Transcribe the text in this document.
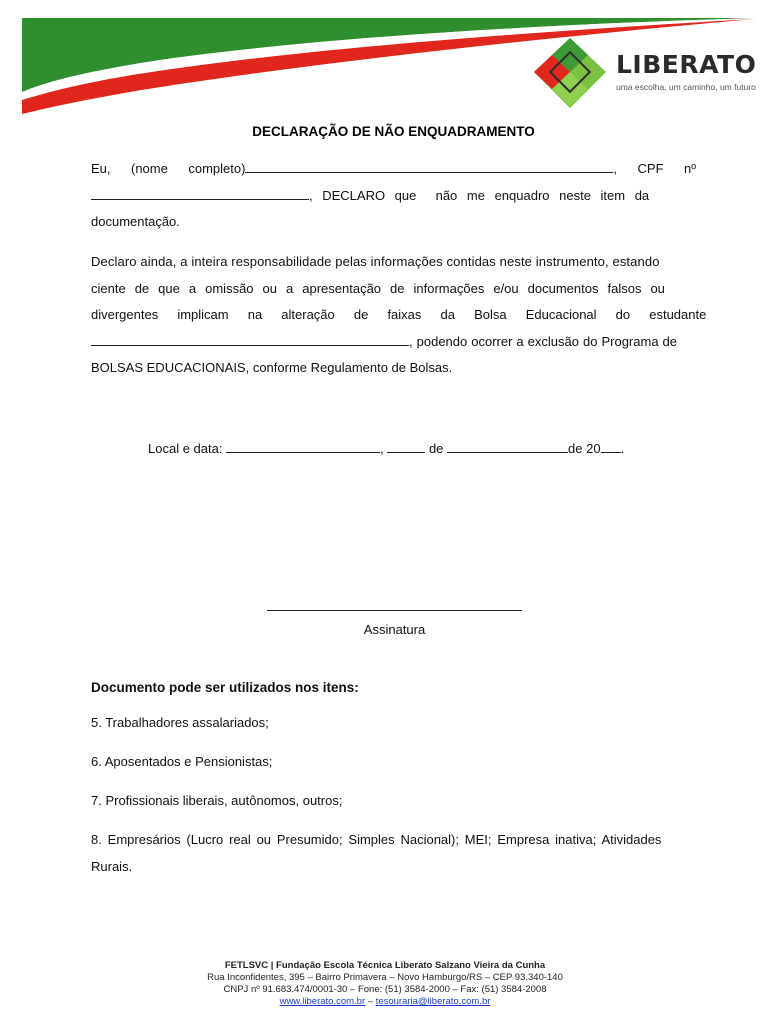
LIBERATO
uma escolha, um caminho, um futuro
DECLARAÇÃO DE NÃO ENQUADRAMENTO
Eu, (nome completo)	, CPF nº
, DECLARO que  não me enquadro neste item da
documentação.
Declaro ainda, a inteira responsabilidade pelas informações contidas neste instrumento, estando
ciente de que a omissão ou a apresentação de informações e/ou documentos falsos ou
divergentes implicam na alteração de faixas da Bolsa Educacional do estudante
, podendo ocorrer a exclusão do Programa de
BOLSAS EDUCACIONAIS, conforme Regulamento de Bolsas.
Local e data:	,	de	de 20 .
Assinatura
Documento pode ser utilizados nos itens:
5. Trabalhadores assalariados;
6. Aposentados e Pensionistas;
7. Profissionais liberais, autônomos, outros;
8. Empresários (Lucro real ou Presumido; Simples Nacional); MEI; Empresa inativa; Atividades
Rurais.
FETLSVC | Fundação Escola Técnica Liberato Salzano Vieira da Cunha
Rua Inconfidentes, 395 – Bairro Primavera – Novo Hamburgo/RS – CEP 93.340-140
CNPJ nº 91.683.474/0001-30 – Fone: (51) 3584-2000 – Fax: (51) 3584-2008
www.liberato.com.br – tesouraria@liberato.com.br
